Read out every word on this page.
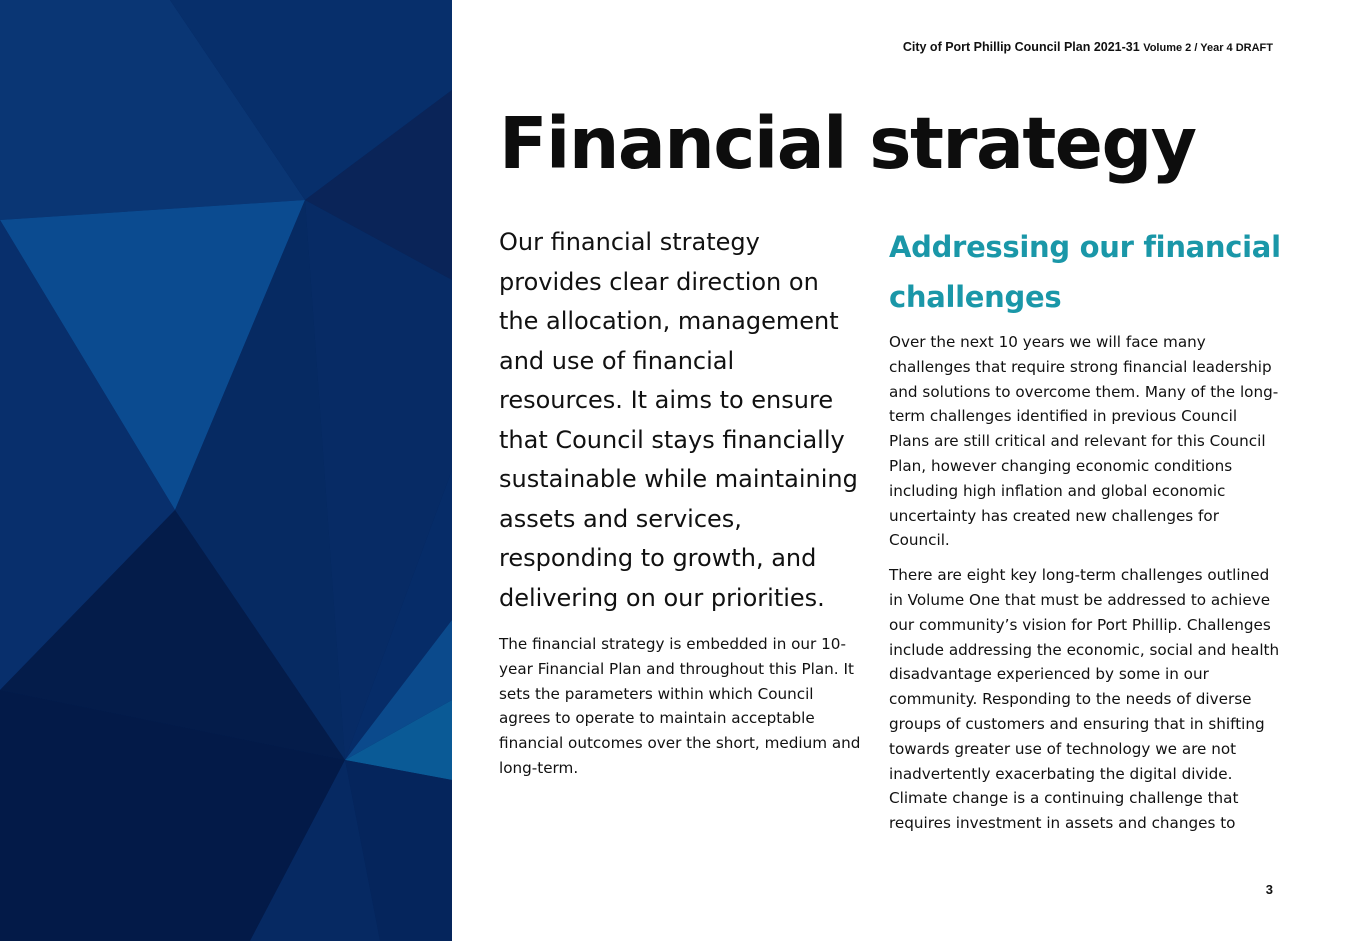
City of Port Phillip Council Plan 2021-31 Volume 2 / Year 4 DRAFT
Financial strategy

Our financial strategy provides clear direction on the allocation, management and use of financial resources. It aims to ensure that Council stays financially sustainable while maintaining assets and services, responding to growth, and delivering on our priorities.

The financial strategy is embedded in our 10-year Financial Plan and throughout this Plan. It sets the parameters within which Council agrees to operate to maintain acceptable financial outcomes over the short, medium and long-term.

Addressing our financial challenges

Over the next 10 years we will face many challenges that require strong financial leadership and solutions to overcome them. Many of the long-term challenges identified in previous Council Plans are still critical and relevant for this Council Plan, however changing economic conditions including high inflation and global economic uncertainty has created new challenges for Council.

There are eight key long-term challenges outlined in Volume One that must be addressed to achieve our community’s vision for Port Phillip. Challenges include addressing the economic, social and health disadvantage experienced by some in our community. Responding to the needs of diverse groups of customers and ensuring that in shifting towards greater use of technology we are not inadvertently exacerbating the digital divide. Climate change is a continuing challenge that requires investment in assets and changes to

3
